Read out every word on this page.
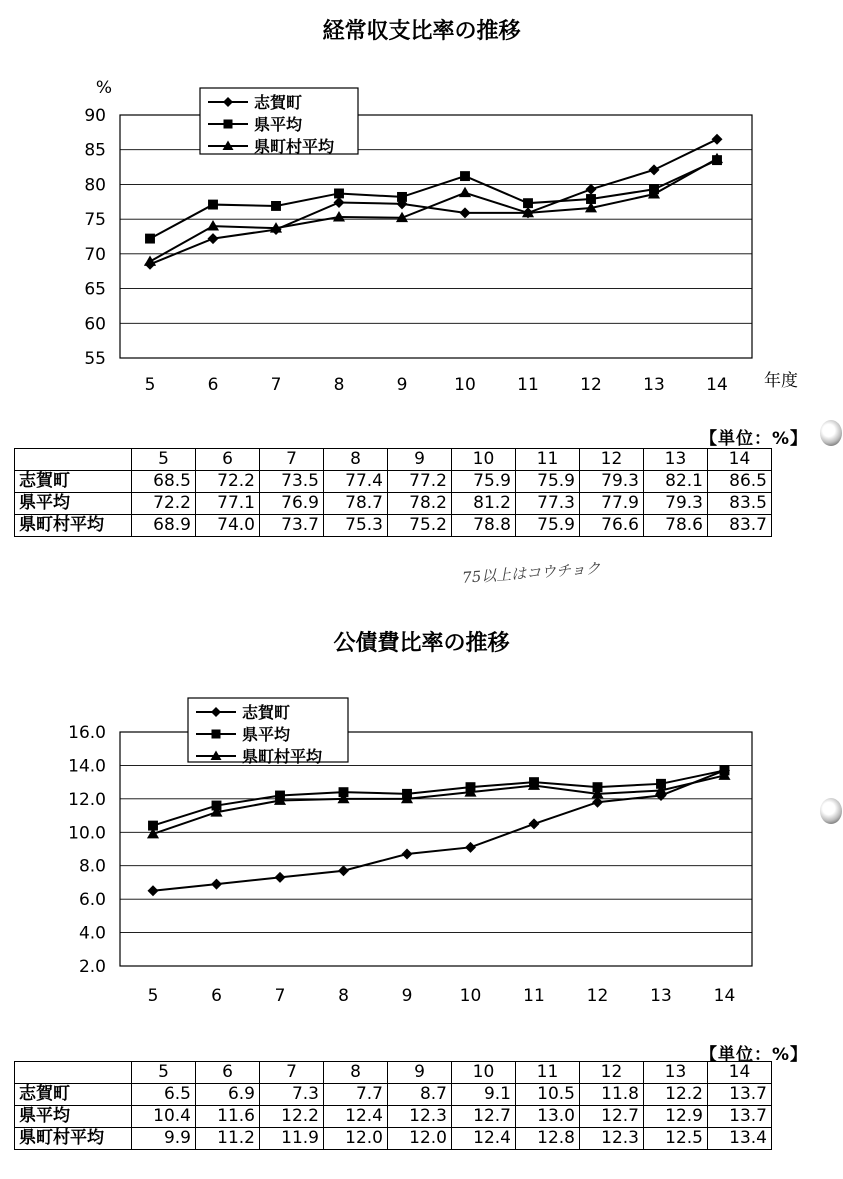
経常収支比率の推移
55
60
65
70
75
80
85
90
5	6	7	8	9	10 11 12 13 14
%
年度
志賀町
県平均
県町村平均
【単位：%】
	5	6	7	8	9	10	11	12	13	14
志賀町	68.5	72.2	73.5	77.4	77.2	75.9	75.9	79.3	82.1	86.5
県平均	72.2	77.1	76.9	78.7	78.2	81.2	77.3	77.9	79.3	83.5
県町村平均	68.9	74.0	73.7	75.3	75.2	78.8	75.9	76.6	78.6	83.7
75以上はコウチョク
公債費比率の推移
2.0
4.0
6.0
8.0
10.0
12.0
14.0
16.0
5	6	7	8	9	10 11 12 13 14
志賀町
県平均
県町村平均
【単位：%】
	5	6	7	8	9	10	11	12	13	14
志賀町	6.5	6.9	7.3	7.7	8.7	9.1	10.5	11.8	12.2	13.7
県平均	10.4	11.6	12.2	12.4	12.3	12.7	13.0	12.7	12.9	13.7
県町村平均	9.9	11.2	11.9	12.0	12.0	12.4	12.8	12.3	12.5	13.4
